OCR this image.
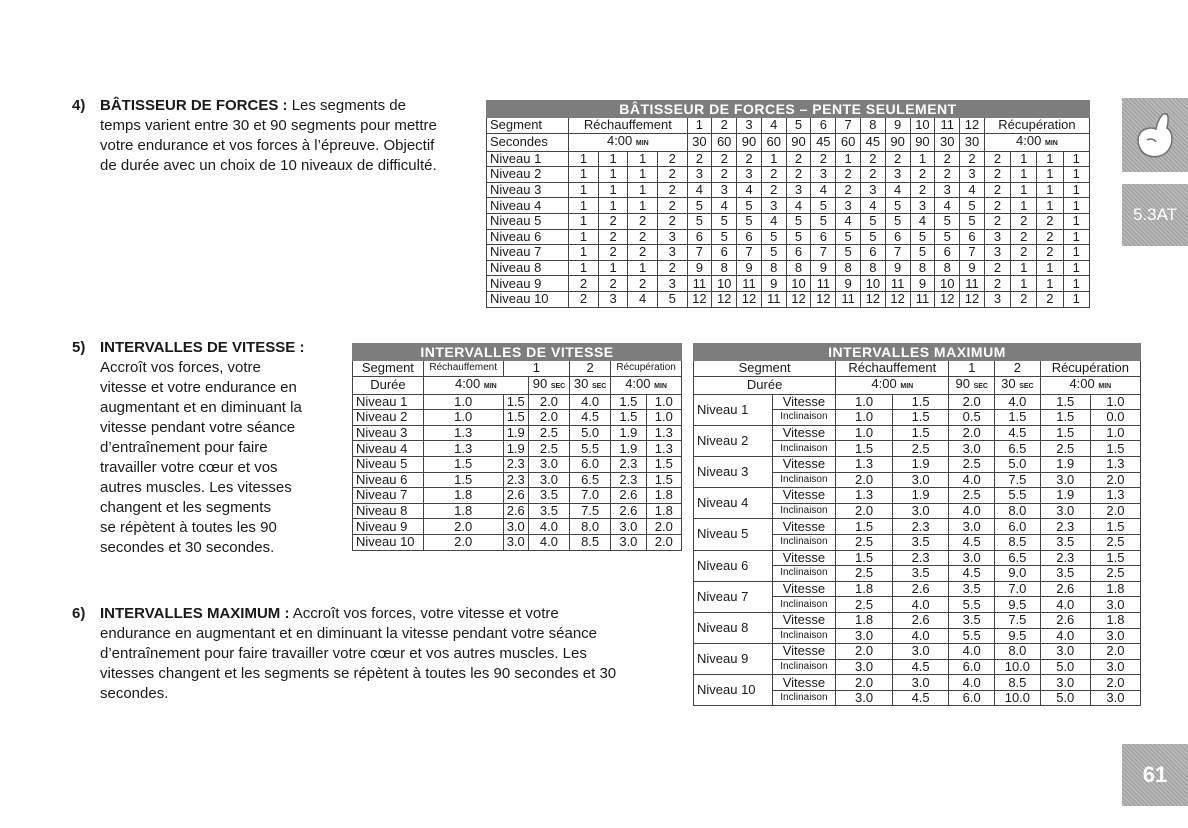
4) BÂTISSEUR DE FORCES : Les segments de
temps varient entre 30 et 90 segments pour mettre
votre endurance et vos forces à l’épreuve. Objectif
de durée avec un choix de 10 niveaux de difficulté.
5) INTERVALLES DE VITESSE :
Accroît vos forces, votre
vitesse et votre endurance en
augmentant et en diminuant la
vitesse pendant votre séance
d’entraînement pour faire
travailler votre cœur et vos
autres muscles. Les vitesses
changent et les segments
se répètent à toutes les 90
secondes et 30 secondes.
6) INTERVALLES MAXIMUM : Accroît vos forces, votre vitesse et votre
endurance en augmentant et en diminuant la vitesse pendant votre séance
d’entraînement pour faire travailler votre cœur et vos autres muscles. Les
vitesses changent et les segments se répètent à toutes les 90 secondes et 30
secondes.
BÂTISSEUR DE FORCES – PENTE SEULEMENT																				
Segment	Réchauffement				1	2	3	4	5	6	7	8	9	10	11	12	Récupération			
Secondes	4:00 MIN				30	60	90	60	90	45	60	45	90	90	30	30	4:00 MIN			
Niveau 1	1	1	1	2	2	2	2	1	2	2	1	2	2	1	2	2	2	1	1	1
Niveau 2	1	1	1	2	3	2	3	2	2	3	2	2	3	2	2	3	2	1	1	1
Niveau 3	1	1	1	2	4	3	4	2	3	4	2	3	4	2	3	4	2	1	1	1
Niveau 4	1	1	1	2	5	4	5	3	4	5	3	4	5	3	4	5	2	1	1	1
Niveau 5	1	2	2	2	5	5	5	4	5	5	4	5	5	4	5	5	2	2	2	1
Niveau 6	1	2	2	3	6	5	6	5	5	6	5	5	6	5	5	6	3	2	2	1
Niveau 7	1	2	2	3	7	6	7	5	6	7	5	6	7	5	6	7	3	2	2	1
Niveau 8	1	1	1	2	9	8	9	8	8	9	8	8	9	8	8	9	2	1	1	1
Niveau 9	2	2	2	3	11	10	11	9	10	11	9	10	11	9	10	11	2	1	1	1
Niveau 10	2	3	4	5	12	12	12	11	12	12	11	12	12	11	12	12	3	2	2	1
INTERVALLES DE VITESSE						
Segment	Réchauffement	1		2	Récupération	
Durée	4:00 MIN		90 SEC	30 SEC	4:00 MIN	
Niveau 1	1.0	1.5	2.0	4.0	1.5	1.0
Niveau 2	1.0	1.5	2.0	4.5	1.5	1.0
Niveau 3	1.3	1.9	2.5	5.0	1.9	1.3
Niveau 4	1.3	1.9	2.5	5.5	1.9	1.3
Niveau 5	1.5	2.3	3.0	6.0	2.3	1.5
Niveau 6	1.5	2.3	3.0	6.5	2.3	1.5
Niveau 7	1.8	2.6	3.5	7.0	2.6	1.8
Niveau 8	1.8	2.6	3.5	7.5	2.6	1.8
Niveau 9	2.0	3.0	4.0	8.0	3.0	2.0
Niveau 10	2.0	3.0	4.0	8.5	3.0	2.0
INTERVALLES MAXIMUM							
Segment		Réchauffement		1	2	Récupération	
Durée		4:00 MIN		90 SEC	30 SEC	4:00 MIN	
Niveau 1	Vitesse	1.0	1.5	2.0	4.0	1.5	1.0
	Inclinaison	1.0	1.5	0.5	1.5	1.5	0.0
Niveau 2	Vitesse	1.0	1.5	2.0	4.5	1.5	1.0
	Inclinaison	1.5	2.5	3.0	6.5	2.5	1.5
Niveau 3	Vitesse	1.3	1.9	2.5	5.0	1.9	1.3
	Inclinaison	2.0	3.0	4.0	7.5	3.0	2.0
Niveau 4	Vitesse	1.3	1.9	2.5	5.5	1.9	1.3
	Inclinaison	2.0	3.0	4.0	8.0	3.0	2.0
Niveau 5	Vitesse	1.5	2.3	3.0	6.0	2.3	1.5
	Inclinaison	2.5	3.5	4.5	8.5	3.5	2.5
Niveau 6	Vitesse	1.5	2.3	3.0	6.5	2.3	1.5
	Inclinaison	2.5	3.5	4.5	9.0	3.5	2.5
Niveau 7	Vitesse	1.8	2.6	3.5	7.0	2.6	1.8
	Inclinaison	2.5	4.0	5.5	9.5	4.0	3.0
Niveau 8	Vitesse	1.8	2.6	3.5	7.5	2.6	1.8
	Inclinaison	3.0	4.0	5.5	9.5	4.0	3.0
Niveau 9	Vitesse	2.0	3.0	4.0	8.0	3.0	2.0
	Inclinaison	3.0	4.5	6.0	10.0	5.0	3.0
Niveau 10	Vitesse	2.0	3.0	4.0	8.5	3.0	2.0
	Inclinaison	3.0	4.5	6.0	10.0	5.0	3.0
5.3AT
61
